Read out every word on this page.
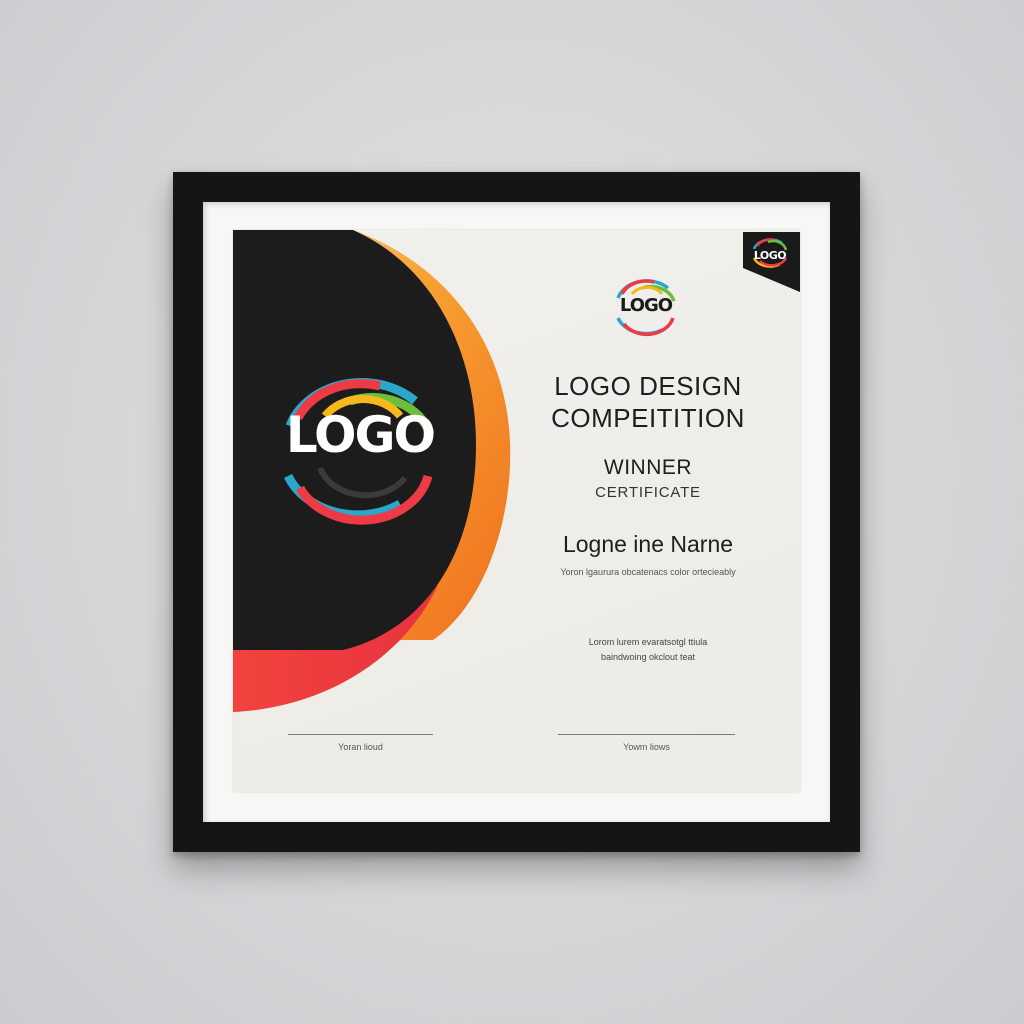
LOGO
LOGO
LOGO
LOGO DESIGN
COMPEITITION
WINNER
CERTIFICATE
Logne ine Narne
Yoron lgaurura obcatenacs color ortecieably
Lorom lurem evaratsotgl ttiula
baindwoing okclout teat
Yoran lioud	Yowm liows
